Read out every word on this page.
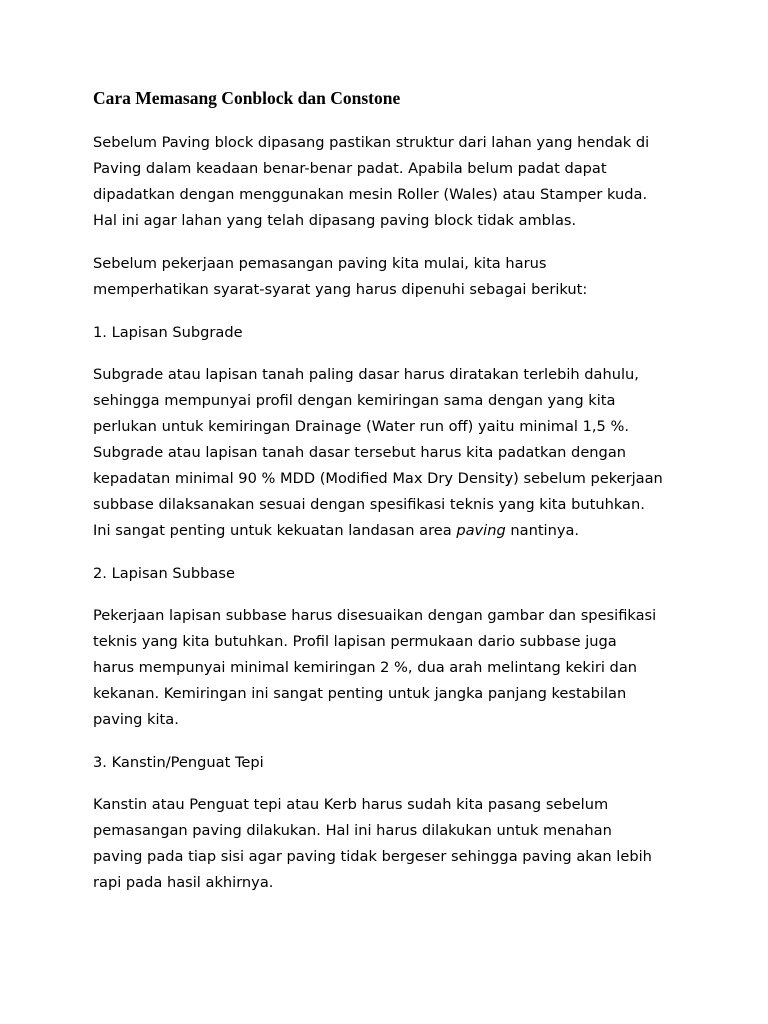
Cara Memasang Conblock dan Constone

Sebelum Paving block dipasang pastikan struktur dari lahan yang hendak di
Paving dalam keadaan benar-benar padat. Apabila belum padat dapat
dipadatkan dengan menggunakan mesin Roller (Wales) atau Stamper kuda.
Hal ini agar lahan yang telah dipasang paving block tidak amblas.

Sebelum pekerjaan pemasangan paving kita mulai, kita harus
memperhatikan syarat-syarat yang harus dipenuhi sebagai berikut:

1. Lapisan Subgrade

Subgrade atau lapisan tanah paling dasar harus diratakan terlebih dahulu,
sehingga mempunyai profil dengan kemiringan sama dengan yang kita
perlukan untuk kemiringan Drainage (Water run off) yaitu minimal 1,5 %.
Subgrade atau lapisan tanah dasar tersebut harus kita padatkan dengan
kepadatan minimal 90 % MDD (Modified Max Dry Density) sebelum pekerjaan
subbase dilaksanakan sesuai dengan spesifikasi teknis yang kita butuhkan.
Ini sangat penting untuk kekuatan landasan area paving nantinya.

2. Lapisan Subbase

Pekerjaan lapisan subbase harus disesuaikan dengan gambar dan spesifikasi
teknis yang kita butuhkan. Profil lapisan permukaan dario subbase juga
harus mempunyai minimal kemiringan 2 %, dua arah melintang kekiri dan
kekanan. Kemiringan ini sangat penting untuk jangka panjang kestabilan
paving kita.

3. Kanstin/Penguat Tepi

Kanstin atau Penguat tepi atau Kerb harus sudah kita pasang sebelum
pemasangan paving dilakukan. Hal ini harus dilakukan untuk menahan
paving pada tiap sisi agar paving tidak bergeser sehingga paving akan lebih
rapi pada hasil akhirnya.
